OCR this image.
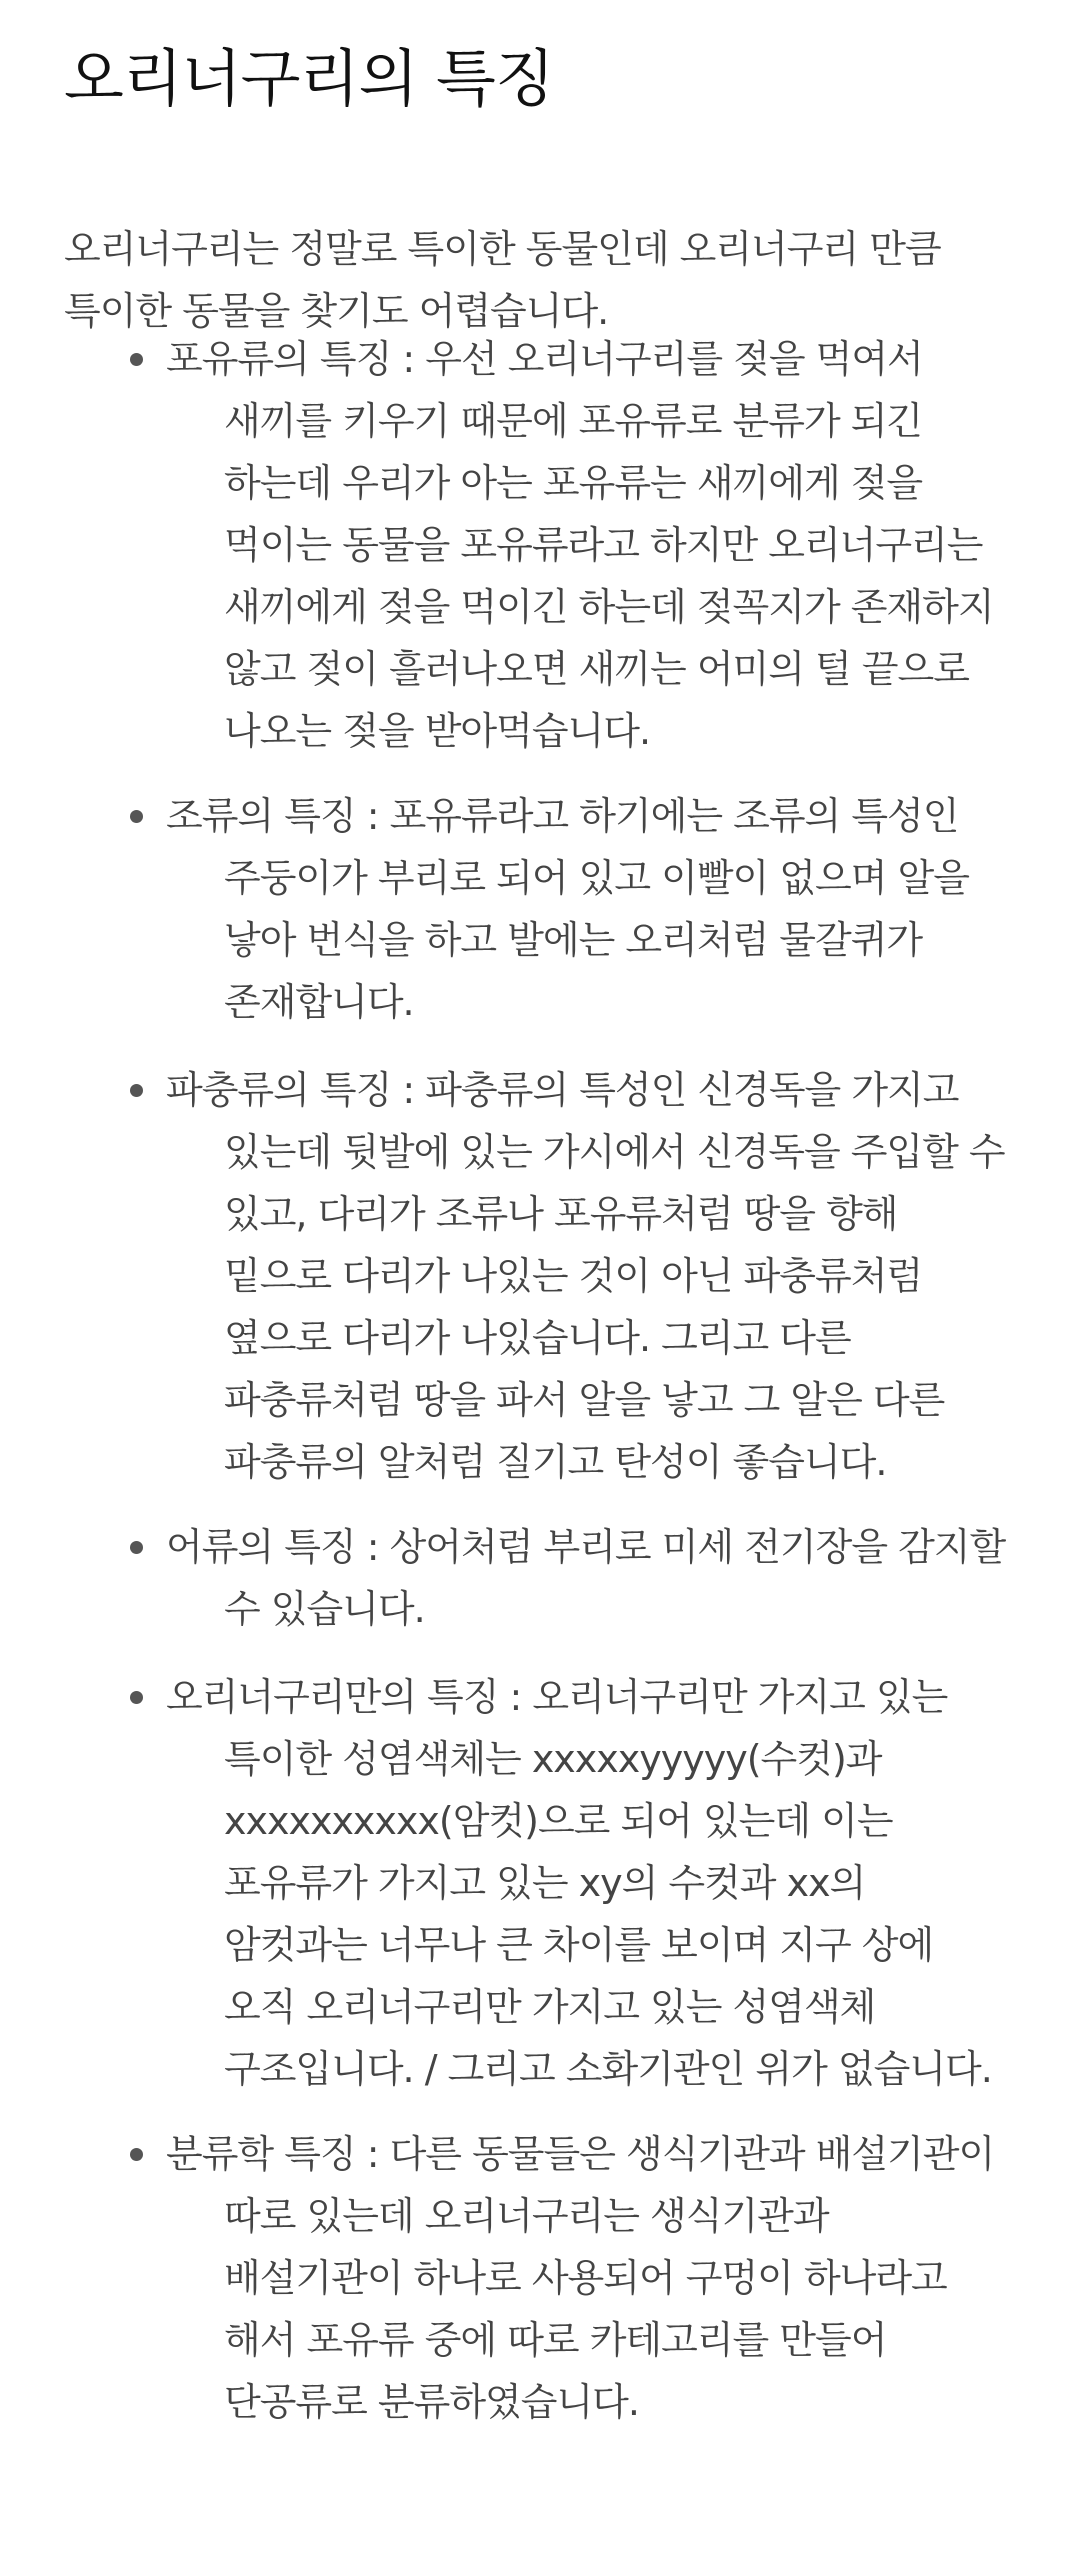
오리너구리의 특징

오리너구리는 정말로 특이한 동물인데 오리너구리 만큼 특이한 동물을 찾기도 어렵습니다.

포유류의 특징 : 우선 오리너구리를 젖을 먹여서 새끼를 키우기 때문에 포유류로 분류가 되긴 하는데 우리가 아는 포유류는 새끼에게 젖을 먹이는 동물을 포유류라고 하지만 오리너구리는 새끼에게 젖을 먹이긴 하는데 젖꼭지가 존재하지 않고 젖이 흘러나오면 새끼는 어미의 털 끝으로 나오는 젖을 받아먹습니다.
조류의 특징 : 포유류라고 하기에는 조류의 특성인 주둥이가 부리로 되어 있고 이빨이 없으며 알을 낳아 번식을 하고 발에는 오리처럼 물갈퀴가 존재합니다.
파충류의 특징 : 파충류의 특성인 신경독을 가지고 있는데 뒷발에 있는 가시에서 신경독을 주입할 수 있고, 다리가 조류나 포유류처럼 땅을 향해 밑으로 다리가 나있는 것이 아닌 파충류처럼 옆으로 다리가 나있습니다. 그리고 다른 파충류처럼 땅을 파서 알을 낳고 그 알은 다른 파충류의 알처럼 질기고 탄성이 좋습니다.
어류의 특징 : 상어처럼 부리로 미세 전기장을 감지할 수 있습니다.
오리너구리만의 특징 : 오리너구리만 가지고 있는 특이한 성염색체는 xxxxxyyyyy(수컷)과 xxxxxxxxxx(암컷)으로 되어 있는데 이는 포유류가 가지고 있는 xy의 수컷과 xx의 암컷과는 너무나 큰 차이를 보이며 지구 상에 오직 오리너구리만 가지고 있는 성염색체 구조입니다. / 그리고 소화기관인 위가 없습니다.
분류학 특징 : 다른 동물들은 생식기관과 배설기관이 따로 있는데 오리너구리는 생식기관과 배설기관이 하나로 사용되어 구멍이 하나라고 해서 포유류 중에 따로 카테고리를 만들어 단공류로 분류하였습니다.
